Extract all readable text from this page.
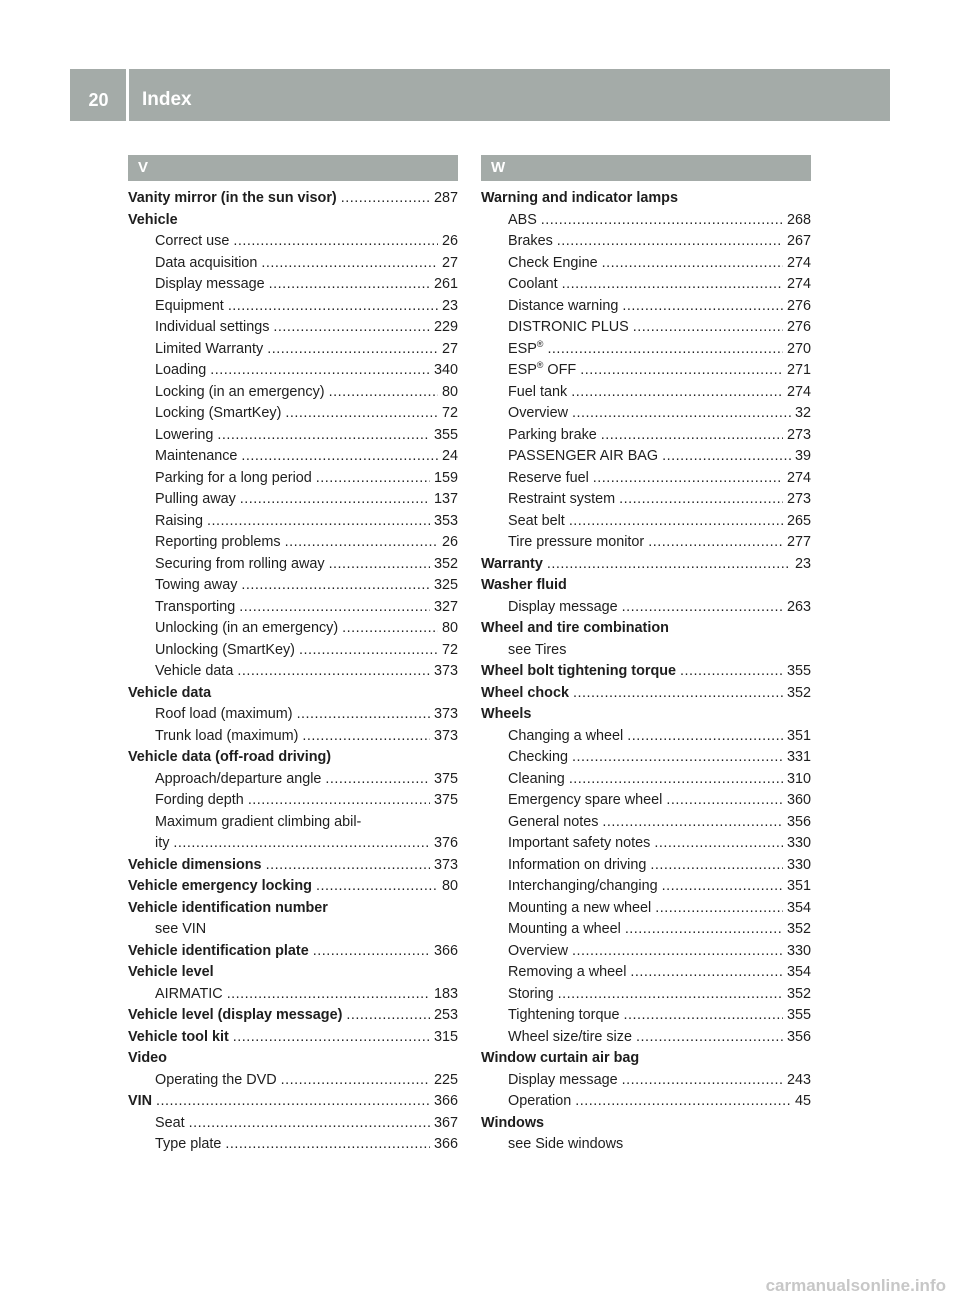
20	Index
V
Vanity mirror (in the sun visor) .....	287
Vehicle
Correct use .....	26
Data acquisition .....	27
Display message .....	261
Equipment .....	23
Individual settings .....	229
Limited Warranty .....	27
Loading .....	340
Locking (in an emergency) .....	80
Locking (SmartKey) .....	72
Lowering .....	355
Maintenance .....	24
Parking for a long period .....	159
Pulling away .....	137
Raising .....	353
Reporting problems .....	26
Securing from rolling away .....	352
Towing away .....	325
Transporting .....	327
Unlocking (in an emergency) .....	80
Unlocking (SmartKey) .....	72
Vehicle data .....	373
Vehicle data
Roof load (maximum) .....	373
Trunk load (maximum) .....	373
Vehicle data (off-road driving)
Approach/departure angle .....	375
Fording depth .....	375
Maximum gradient climbing abil-
ity .....	376
Vehicle dimensions .....	373
Vehicle emergency locking .....	80
Vehicle identification number
see VIN
Vehicle identification plate .....	366
Vehicle level
AIRMATIC .....	183
Vehicle level (display message) .....	253
Vehicle tool kit .....	315
Video
Operating the DVD .....	225
VIN .....	366
Seat .....	367
Type plate .....	366
W
Warning and indicator lamps
ABS .....	268
Brakes .....	267
Check Engine .....	274
Coolant .....	274
Distance warning .....	276
DISTRONIC PLUS .....	276
ESP® .....	270
ESP® OFF .....	271
Fuel tank .....	274
Overview .....	32
Parking brake .....	273
PASSENGER AIR BAG .....	39
Reserve fuel .....	274
Restraint system .....	273
Seat belt .....	265
Tire pressure monitor .....	277
Warranty .....	23
Washer fluid
Display message .....	263
Wheel and tire combination
see Tires
Wheel bolt tightening torque .....	355
Wheel chock .....	352
Wheels
Changing a wheel .....	351
Checking .....	331
Cleaning .....	310
Emergency spare wheel .....	360
General notes .....	356
Important safety notes .....	330
Information on driving .....	330
Interchanging/changing .....	351
Mounting a new wheel .....	354
Mounting a wheel .....	352
Overview .....	330
Removing a wheel .....	354
Storing .....	352
Tightening torque .....	355
Wheel size/tire size .....	356
Window curtain air bag
Display message .....	243
Operation .....	45
Windows
see Side windows
carmanualsonline.info
